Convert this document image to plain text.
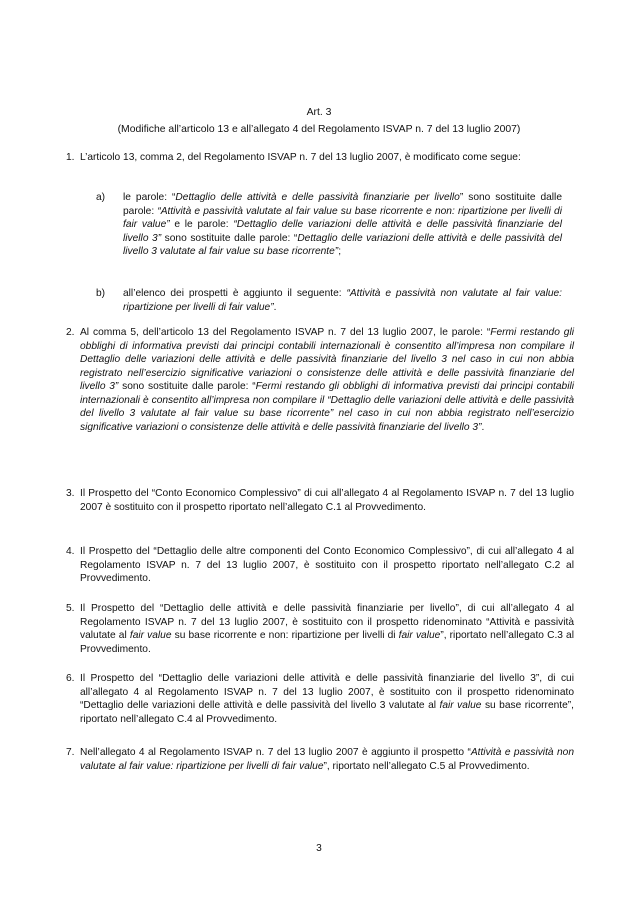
Art. 3
(Modifiche all’articolo 13 e all’allegato 4 del Regolamento ISVAP n. 7 del 13 luglio 2007)
1. L’articolo 13, comma 2, del Regolamento ISVAP n. 7 del 13 luglio 2007, è modificato come segue:
a)	le parole: “Dettaglio delle attività e delle passività finanziarie per livello” sono sostituite dalle parole: “Attività e passività valutate al fair value su base ricorrente e non: ripartizione per livelli di fair value” e le parole: “Dettaglio delle variazioni delle attività e delle passività finanziarie del livello 3” sono sostituite dalle parole: “Dettaglio delle variazioni delle attività e delle passività del livello 3 valutate al fair value su base ricorrente”;
b)	all’elenco dei prospetti è aggiunto il seguente: “Attività e passività non valutate al fair value: ripartizione per livelli di fair value”.
2. Al comma 5, dell’articolo 13 del Regolamento ISVAP n. 7 del 13 luglio 2007, le parole: “Fermi restando gli obblighi di informativa previsti dai principi contabili internazionali è consentito all’impresa non compilare il Dettaglio delle variazioni delle attività e delle passività finanziarie del livello 3 nel caso in cui non abbia registrato nell’esercizio significative variazioni o consistenze delle attività e delle passività finanziarie del livello 3” sono sostituite dalle parole: “Fermi restando gli obblighi di informativa previsti dai principi contabili internazionali è consentito all’impresa non compilare il “Dettaglio delle variazioni delle attività e delle passività del livello 3 valutate al fair value su base ricorrente” nel caso in cui non abbia registrato nell’esercizio significative variazioni o consistenze delle attività e delle passività finanziarie del livello 3”.
3. Il Prospetto del “Conto Economico Complessivo” di cui all’allegato 4 al Regolamento ISVAP n. 7 del 13 luglio 2007 è sostituito con il prospetto riportato nell’allegato C.1 al Provvedimento.
4. Il Prospetto del “Dettaglio delle altre componenti del Conto Economico Complessivo”, di cui all’allegato 4 al Regolamento ISVAP n. 7 del 13 luglio 2007, è sostituito con il prospetto riportato nell’allegato C.2 al Provvedimento.
5. Il Prospetto del “Dettaglio delle attività e delle passività finanziarie per livello”, di cui all’allegato 4 al Regolamento ISVAP n. 7 del 13 luglio 2007, è sostituito con il prospetto ridenominato “Attività e passività valutate al fair value su base ricorrente e non: ripartizione per livelli di fair value”, riportato nell’allegato C.3 al Provvedimento.
6. Il Prospetto del “Dettaglio delle variazioni delle attività e delle passività finanziarie del livello 3”, di cui all’allegato 4 al Regolamento ISVAP n. 7 del 13 luglio 2007, è sostituito con il prospetto ridenominato “Dettaglio delle variazioni delle attività e delle passività del livello 3 valutate al fair value su base ricorrente”, riportato nell’allegato C.4 al Provvedimento.
7. Nell’allegato 4 al Regolamento ISVAP n. 7 del 13 luglio 2007 è aggiunto il prospetto “Attività e passività non valutate al fair value: ripartizione per livelli di fair value”, riportato nell’allegato C.5 al Provvedimento.
3
